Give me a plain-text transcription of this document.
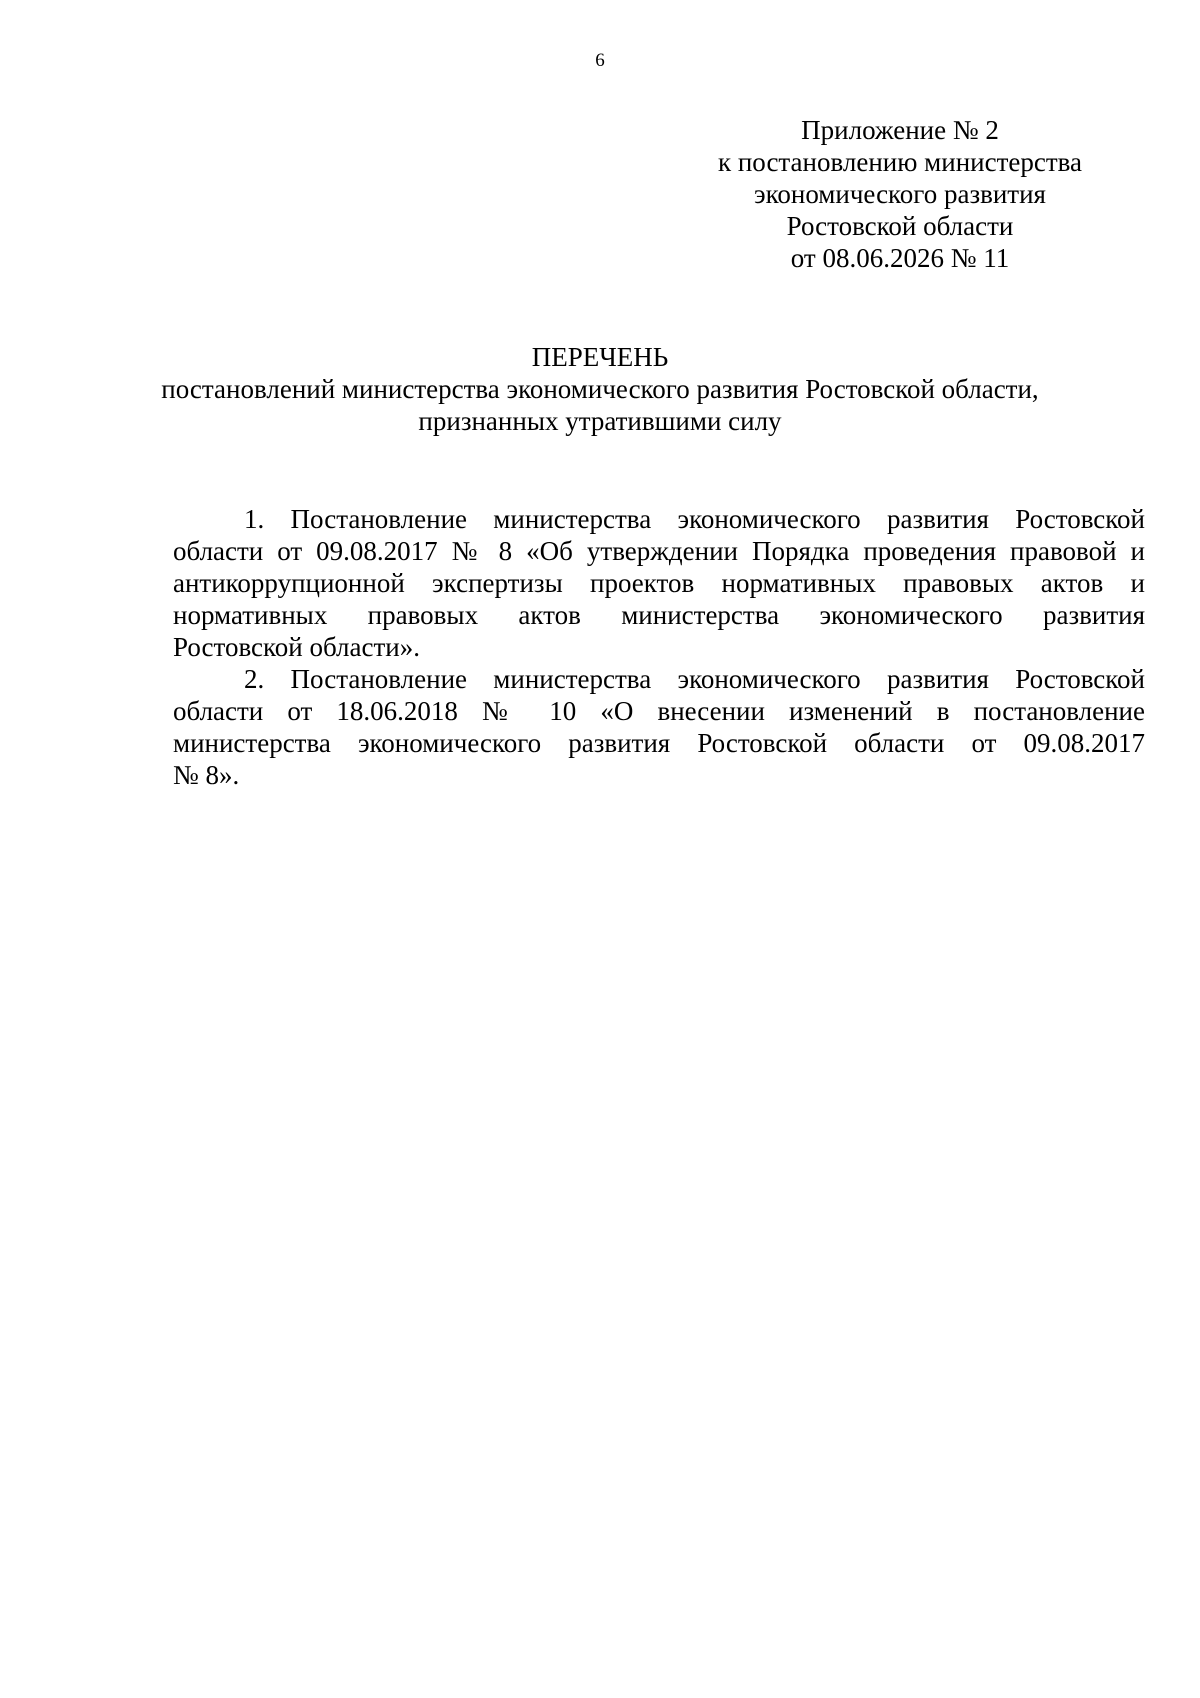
6
Приложение № 2
к постановлению министерства
экономического развития
Ростовской области
от 08.06.2026 № 11
ПЕРЕЧЕНЬ
постановлений министерства экономического развития Ростовской области,
признанных утратившими силу
1. Постановление министерства экономического развития Ростовской
области от 09.08.2017 № 8 «Об утверждении Порядка проведения правовой и
антикоррупционной экспертизы проектов нормативных правовых актов и
нормативных правовых актов министерства экономического развития
Ростовской области».
2. Постановление министерства экономического развития Ростовской
области от 18.06.2018 № 10 «О внесении изменений в постановление
министерства экономического развития Ростовской области от 09.08.2017
№ 8».
